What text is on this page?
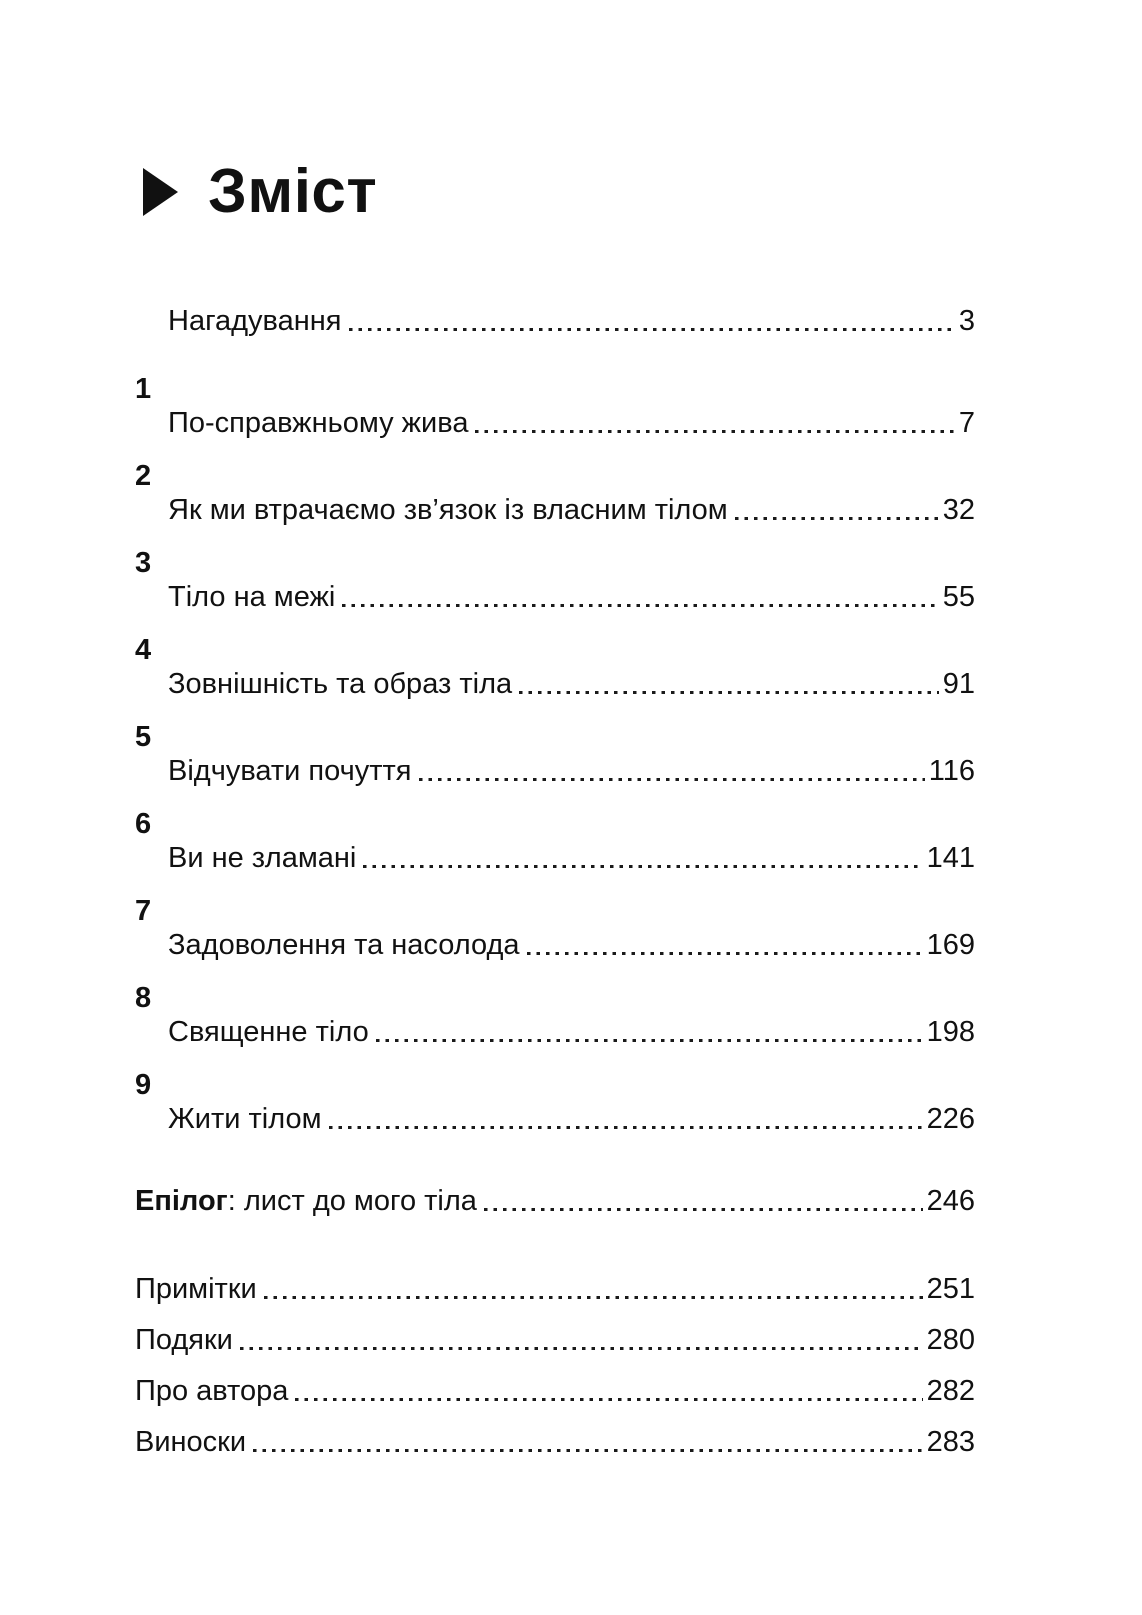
Зміст
Нагадування	3
1
По-справжньому жива	7
2
Як ми втрачаємо зв’язок із власним тілом	32
3
Тіло на межі	55
4
Зовнішність та образ тіла	91
5
Відчувати почуття	116
6
Ви не зламані	141
7
Задоволення та насолода	169
8
Священне тіло	198
9
Жити тілом	226
Епілог: лист до мого тіла	246
Примітки	251
Подяки	280
Про автора	282
Виноски	283
